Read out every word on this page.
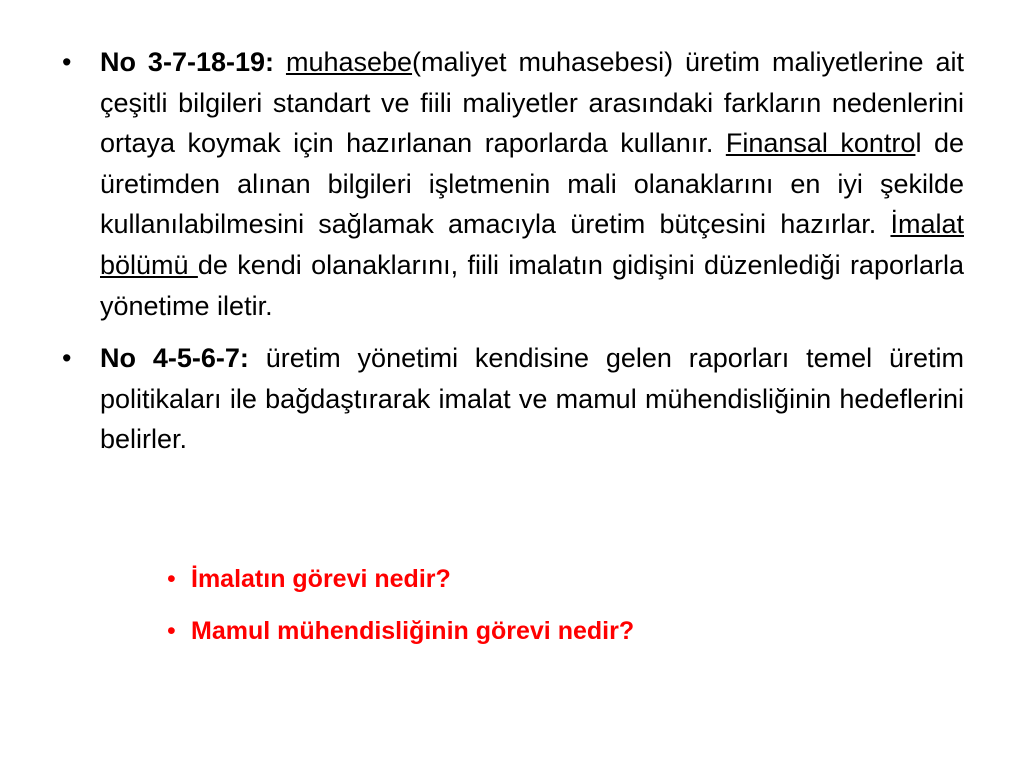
• No 3-7-18-19: muhasebe(maliyet muhasebesi) üretim maliyetlerine ait çeşitli bilgileri standart ve fiili maliyetler arasındaki farkların nedenlerini ortaya koymak için hazırlanan raporlarda kullanır. Finansal kontrol de üretimden alınan bilgileri işletmenin mali olanaklarını en iyi şekilde kullanılabilmesini sağlamak amacıyla üretim bütçesini hazırlar. İmalat bölümü de kendi olanaklarını, fiili imalatın gidişini düzenlediği raporlarla yönetime iletir.
• No 4-5-6-7: üretim yönetimi kendisine gelen raporları temel üretim politikaları ile bağdaştırarak imalat ve mamul mühendisliğinin hedeflerini belirler.
• İmalatın görevi nedir?
• Mamul mühendisliğinin görevi nedir?
